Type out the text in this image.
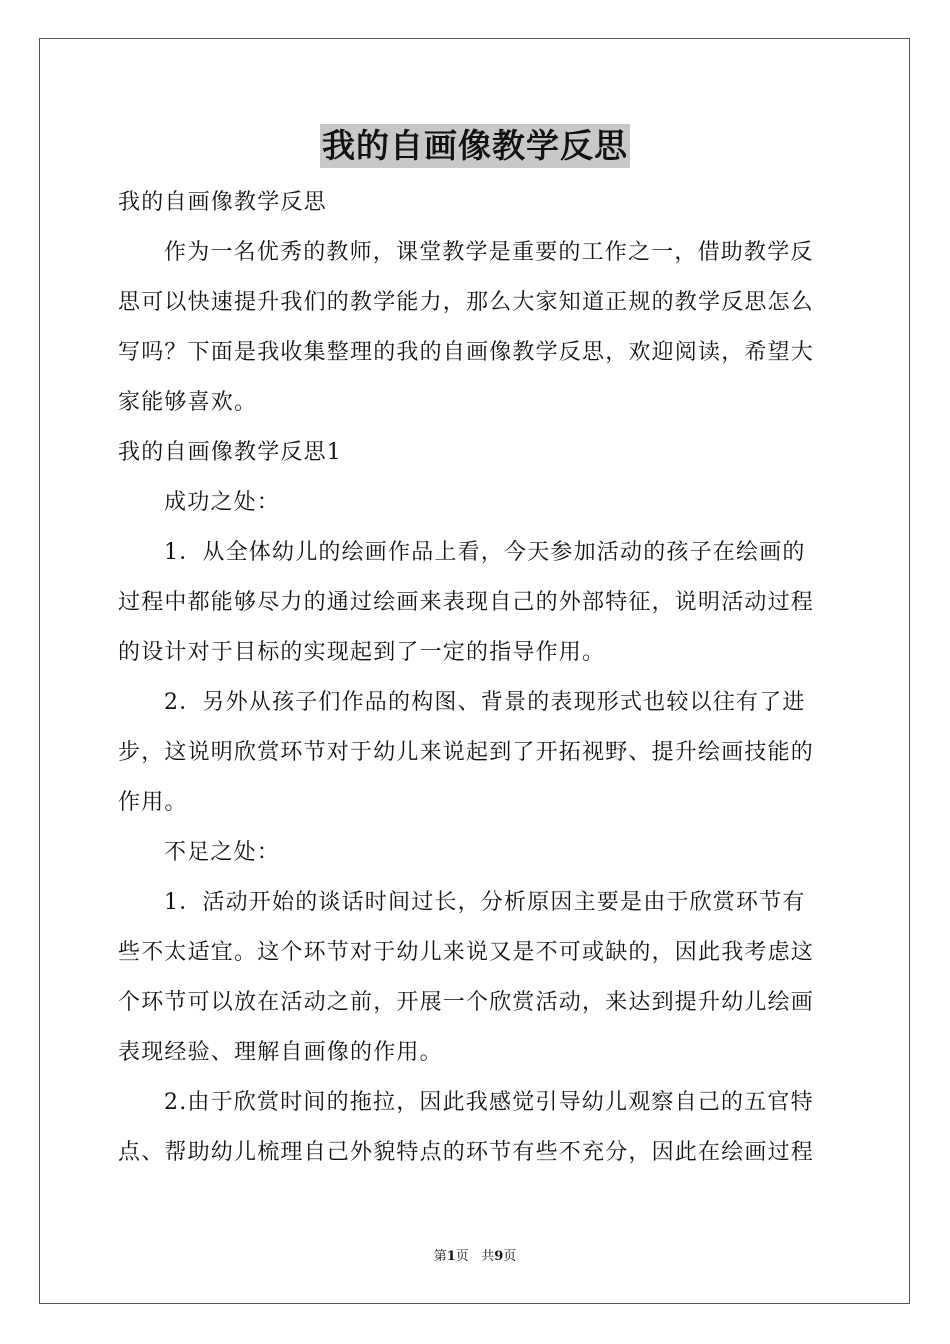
我的自画像教学反思
我的自画像教学反思
作为一名优秀的教师，课堂教学是重要的工作之一，借助教学反
思可以快速提升我们的教学能力，那么大家知道正规的教学反思怎么
写吗？下面是我收集整理的我的自画像教学反思，欢迎阅读，希望大
家能够喜欢。
我的自画像教学反思1
成功之处：
1．从全体幼儿的绘画作品上看，今天参加活动的孩子在绘画的
过程中都能够尽力的通过绘画来表现自己的外部特征，说明活动过程
的设计对于目标的实现起到了一定的指导作用。
2．另外从孩子们作品的构图、背景的表现形式也较以往有了进
步，这说明欣赏环节对于幼儿来说起到了开拓视野、提升绘画技能的
作用。
不足之处：
1．活动开始的谈话时间过长，分析原因主要是由于欣赏环节有
些不太适宜。这个环节对于幼儿来说又是不可或缺的，因此我考虑这
个环节可以放在活动之前，开展一个欣赏活动，来达到提升幼儿绘画
表现经验、理解自画像的作用。
2.由于欣赏时间的拖拉，因此我感觉引导幼儿观察自己的五官特
点、帮助幼儿梳理自己外貌特点的环节有些不充分，因此在绘画过程
第1页 共9页
